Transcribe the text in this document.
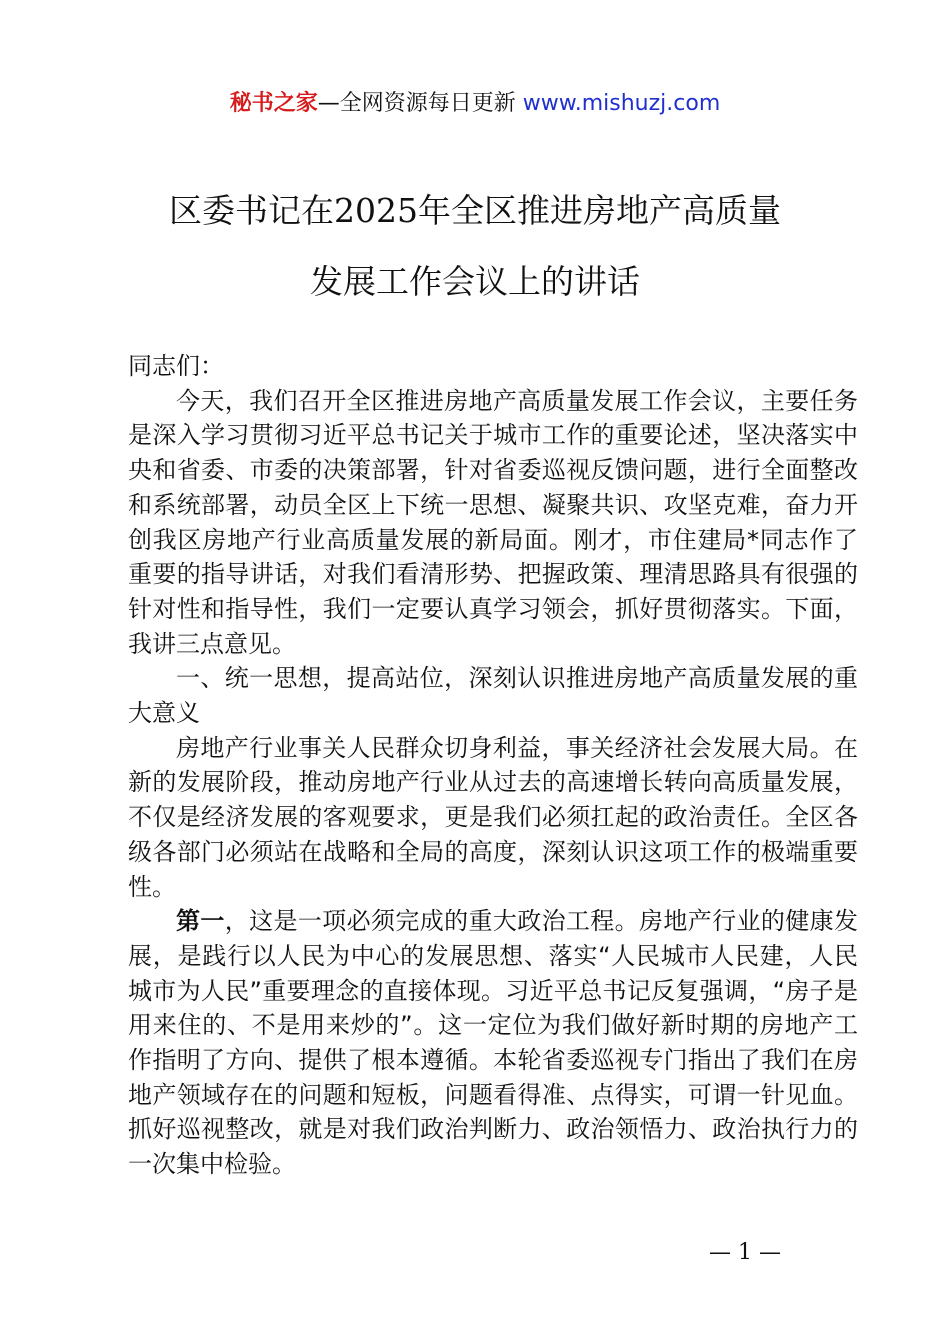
秘书之家—全网资源每日更新 www.mishuzj.com
区委书记在2025年全区推进房地产高质量
发展工作会议上的讲话

同志们：

今天，我们召开全区推进房地产高质量发展工作会议，主要任务是深入学习贯彻习近平总书记关于城市工作的重要论述，坚决落实中央和省委、市委的决策部署，针对省委巡视反馈问题，进行全面整改和系统部署，动员全区上下统一思想、凝聚共识、攻坚克难，奋力开创我区房地产行业高质量发展的新局面。刚才，市住建局*同志作了重要的指导讲话，对我们看清形势、把握政策、理清思路具有很强的针对性和指导性，我们一定要认真学习领会，抓好贯彻落实。下面，我讲三点意见。

一、统一思想，提高站位，深刻认识推进房地产高质量发展的重大意义

房地产行业事关人民群众切身利益，事关经济社会发展大局。在新的发展阶段，推动房地产行业从过去的高速增长转向高质量发展，不仅是经济发展的客观要求，更是我们必须扛起的政治责任。全区各级各部门必须站在战略和全局的高度，深刻认识这项工作的极端重要性。

第一，这是一项必须完成的重大政治工程。房地产行业的健康发展，是践行以人民为中心的发展思想、落实“人民城市人民建，人民城市为人民”重要理念的直接体现。习近平总书记反复强调，“房子是用来住的、不是用来炒的”。这一定位为我们做好新时期的房地产工作指明了方向、提供了根本遵循。本轮省委巡视专门指出了我们在房地产领域存在的问题和短板，问题看得准、点得实，可谓一针见血。抓好巡视整改，就是对我们政治判断力、政治领悟力、政治执行力的一次集中检验。

— 1 —
